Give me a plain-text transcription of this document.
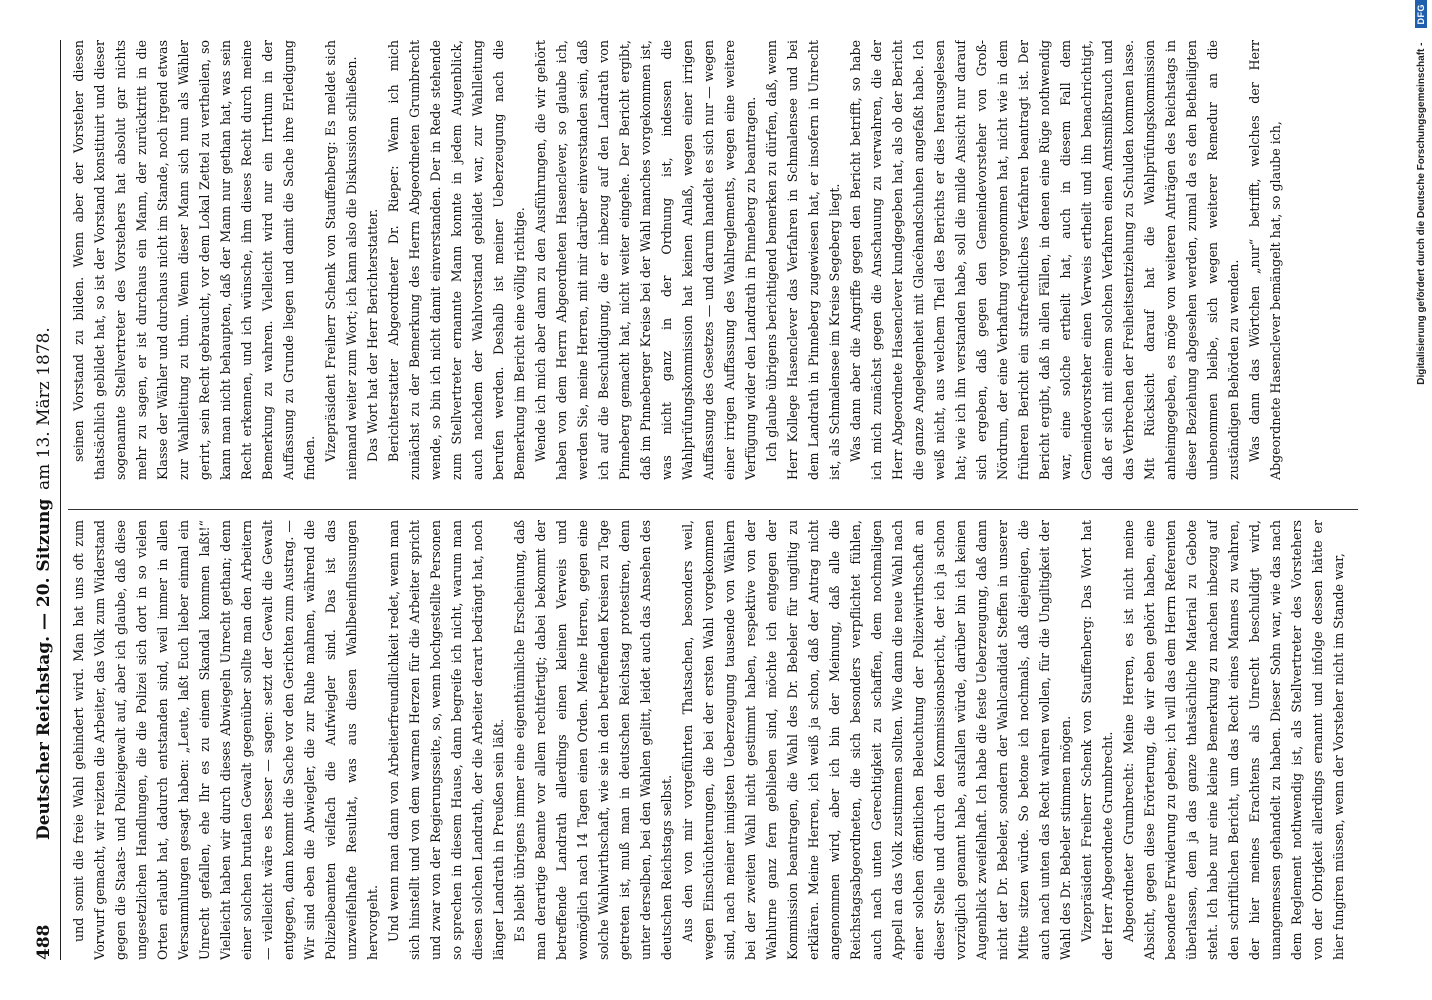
488
Deutscher Reichstag. — 20. Sitzung
am 13. März 1878.

und somit die freie Wahl gehindert wird. Man hat uns oft zum Vorwurf gemacht, wir reizten die Arbeiter, das Volk zum Widerstand gegen die Staats- und Polizeigewalt auf, aber ich glaube, daß diese ungesetzlichen Handlungen, die die Polizei sich dort in so vielen Orten erlaubt hat, dadurch entstanden sind, weil immer in allen Versammlungen gesagt haben: „Leute, laßt Euch lieber einmal ein Unrecht gefallen, ehe Ihr es zu einem Skandal kommen laßt!“ Vielleicht haben wir durch dieses Abwiegeln Unrecht gethan; denn einer solchen brutalen Gewalt gegenüber sollte man den Arbeitern — vielleicht wäre es besser — sagen: setzt der Gewalt die Gewalt entgegen, dann kommt die Sache vor den Gerichten zum Austrag. — Wir sind eben die Abwiegler, die zur Ruhe mahnen, während die Polizeibeamten vielfach die Aufwiegler sind. Das ist das unzweifelhafte Resultat, was aus diesen Wahlbeeinflussungen hervorgeht. Und wenn man dann von Arbeiterfreundlichkeit redet, wenn man sich hinstellt und von dem warmen Herzen für die Arbeiter spricht und zwar von der Regierungsseite, so, wenn hochgestellte Personen so sprechen in diesem Hause, dann begreife ich nicht, warum man diesen solchen Landrath, der die Arbeiter derart bedrängt hat, noch länger Landrath in Preußen sein läßt. Es bleibt übrigens immer eine eigenthümliche Erscheinung, daß man derartige Beamte vor allem rechtfertigt; dabei bekommt der betreffende Landrath allerdings einen kleinen Verweis und womöglich nach 14 Tagen einen Orden. Meine Herren, gegen eine solche Wahlwirthschaft, wie sie in den betreffenden Kreisen zu Tage getreten ist, muß man in deutschen Reichstag protestiren, denn unter derselben, bei den Wahlen gelitt, leidet auch das Ansehen des deutschen Reichstags selbst. Aus den von mir vorgeführten Thatsachen, besonders weil, wegen Einschüchterungen, die bei der ersten Wahl vorgekommen sind, nach meiner innigsten Ueberzeugung tausende von Wählern bei der zweiten Wahl nicht gestimmt haben, respektive von der Wahlurne ganz fern geblieben sind, möchte ich entgegen der Kommission beantragen, die Wahl des Dr. Bebeler für ungiltig zu erklären. Meine Herren, ich weiß ja schon, daß der Antrag nicht angenommen wird, aber ich bin der Meinung, daß alle die Reichstagsabgeordneten, die sich besonders verpflichtet fühlen, auch nach unten Gerechtigkeit zu schaffen, dem nochmaligen Appell an das Volk zustimmen sollten. Wie dann die neue Wahl nach einer solchen öffentlichen Beleuchtung der Polizeiwirthschaft an dieser Stelle und durch den Kommissionsbericht, der ich ja schon vorzüglich genannt habe, ausfallen würde, darüber bin ich keinen Augenblick zweifelhaft. Ich habe die feste Ueberzeugung, daß dann nicht der Dr. Bebeler, sondern der Wahlcandidat Steffen in unserer Mitte sitzen würde. So betone ich nochmals, daß diejenigen, die auch nach unten das Recht wahren wollen, für die Ungiltigkeit der Wahl des Dr. Bebeler stimmen mögen. Vizepräsident Freiherr Schenk von Stauffenberg: Das Wort hat der Herr Abgeordnete Grumbrecht. Abgeordneter Grumbrecht: Meine Herren, es ist nicht meine Absicht, gegen diese Erörterung, die wir eben gehört haben, eine besondere Erwiderung zu geben; ich will das dem Herrn Referenten überlassen, dem ja das ganze thatsächliche Material zu Gebote steht. Ich habe nur eine kleine Bemerkung zu machen inbezug auf den schriftlichen Bericht, um das Recht eines Mannes zu wahren, der hier meines Erachtens als Unrecht beschuldigt wird, unangemessen gehandelt zu haben. Dieser Sohn war, wie das nach dem Reglement nothwendig ist, als Stellvertreter des Vorstehers von der Obrigkeit allerdings ernannt und infolge dessen hätte er hier fungiren müssen, wenn der Vorsteher nicht im Stande war,

seinen Vorstand zu bilden. Wenn aber der Vorsteher diesen thatsächlich gebildet hat, so ist der Vorstand konstituirt und dieser sogenannte Stellvertreter des Vorstehers hat absolut gar nichts mehr zu sagen, er ist durchaus ein Mann, der zurücktritt in die Klasse der Wähler und durchaus nicht im Stande, noch irgend etwas zur Wahlleitung zu thun. Wenn dieser Mann sich nun als Wähler gerirt, sein Recht gebraucht, vor dem Lokal Zettel zu vertheilen, so kann man nicht behaupten, daß der Mann nur gethan hat, was sein Recht erkennen, und ich wünsche, ihm dieses Recht durch meine Bemerkung zu wahren. Vielleicht wird nur ein Irrthum in der Auffassung zu Grunde liegen und damit die Sache ihre Erledigung finden. Vizepräsident Freiherr Schenk von Stauffenberg: Es meldet sich niemand weiter zum Wort; ich kann also die Diskussion schließen. Das Wort hat der Herr Berichterstatter. Berichterstatter Abgeordneter Dr. Rieper: Wenn ich mich zunächst zu der Bemerkung des Herrn Abgeordneten Grumbrecht wende, so bin ich nicht damit einverstanden. Der in Rede stehende zum Stellvertreter ernannte Mann konnte in jedem Augenblick, auch nachdem der Wahlvorstand gebildet war, zur Wahlleitung berufen werden. Deshalb ist meiner Ueberzeugung nach die Bemerkung im Bericht eine völlig richtige. Wende ich mich aber dann zu den Ausführungen, die wir gehört haben von dem Herrn Abgeordneten Hasenclever, so glaube ich, werden Sie, meine Herren, mit mir darüber einverstanden sein, daß ich auf die Beschuldigung, die er inbezug auf den Landrath von Pinneberg gemacht hat, nicht weiter eingehe. Der Bericht ergibt, daß im Pinneberger Kreise bei der Wahl manches vorgekommen ist, was nicht ganz in der Ordnung ist, indessen die Wahlprüfungskommission hat keinen Anlaß, wegen einer irrigen Auffassung des Gesetzes — und darum handelt es sich nur — wegen einer irrigen Auffassung des Wahlreglements, wegen eine weitere Verfügung wider den Landrath in Pinneberg zu beantragen. Ich glaube übrigens berichtigend bemerken zu dürfen, daß, wenn Herr Kollege Hasenclever das Verfahren in Schmalensee und bei dem Landrath in Pinneberg zugewiesen hat, er insofern in Unrecht ist, als Schmalensee im Kreise Segeberg liegt. Was dann aber die Angriffe gegen den Bericht betrifft, so habe ich mich zunächst gegen die Anschauung zu verwahren, die der Herr Abgeordnete Hasenclever kundgegeben hat, als ob der Bericht die ganze Angelegenheit mit Glacéhandschuhen angefaßt habe. Ich weiß nicht, aus welchem Theil des Berichts er dies herausgelesen hat; wie ich ihn verstanden habe, soll die milde Ansicht nur darauf sich ergeben, daß gegen den Gemeindevorsteher von Groß-Nördrum, der eine Verhaftung vorgenommen hat, nicht wie in dem früheren Bericht ein strafrechtliches Verfahren beantragt ist. Der Bericht ergibt, daß in allen Fällen, in denen eine Rüge nothwendig war, eine solche ertheilt hat, auch in diesem Fall dem Gemeindevorsteher einen Verweis ertheilt und ihn benachrichtigt, daß er sich mit einem solchen Verfahren einen Amtsmißbrauch und das Verbrechen der Freiheitsentziehung zu Schulden kommen lasse. Mit Rücksicht darauf hat die Wahlprüfungskommission anheimgegeben, es möge von weiteren Anträgen des Reichstags in dieser Beziehung abgesehen werden, zumal da es den Betheiligten unbenommen bleibe, sich wegen weiterer Remedur an die zuständigen Behörden zu wenden. Was dann das Wörtchen „nur“ betrifft, welches der Herr Abgeordnete Hasenclever bemängelt hat, so glaube ich,	Digitalisierung gefördert durch die Deutsche Forschungsgemeinschaft -
DFG
